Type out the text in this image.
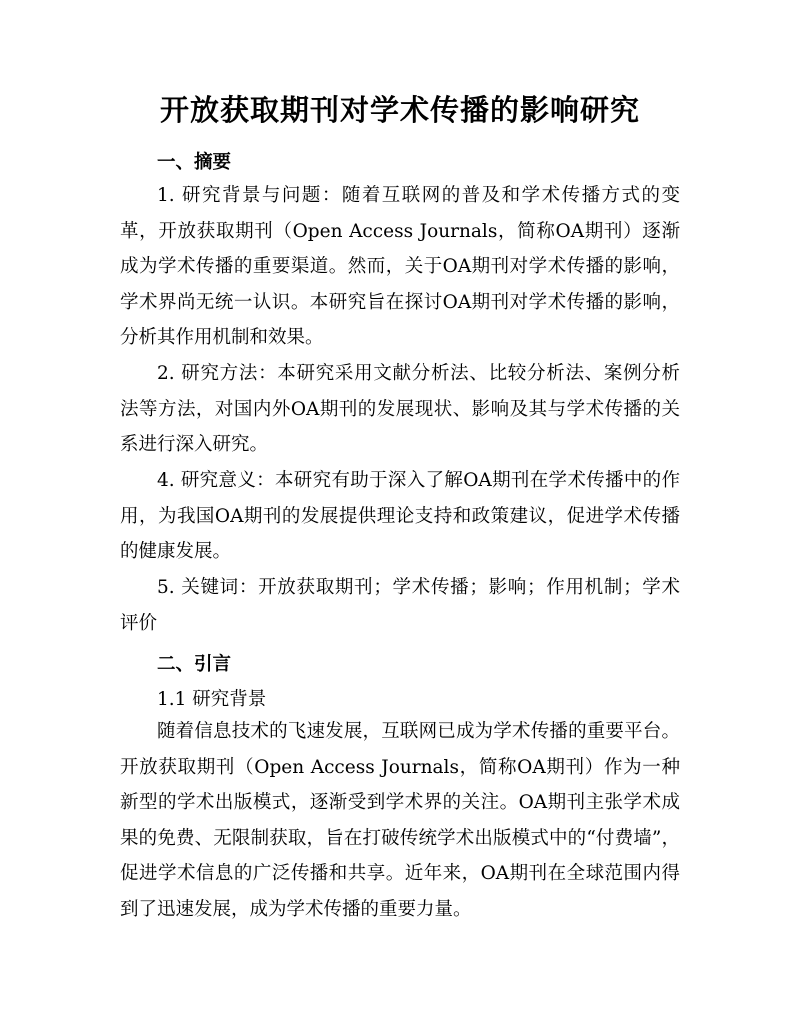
开放获取期刊对学术传播的影响研究
一、摘要

1. 研究背景与问题：随着互联网的普及和学术传播方式的变革，开放获取期刊（Open Access Journals，简称OA期刊）逐渐成为学术传播的重要渠道。然而，关于OA期刊对学术传播的影响，学术界尚无统一认识。本研究旨在探讨OA期刊对学术传播的影响，分析其作用机制和效果。

2. 研究方法：本研究采用文献分析法、比较分析法、案例分析法等方法，对国内外OA期刊的发展现状、影响及其与学术传播的关系进行深入研究。

4. 研究意义：本研究有助于深入了解OA期刊在学术传播中的作用，为我国OA期刊的发展提供理论支持和政策建议，促进学术传播的健康发展。

5. 关键词：开放获取期刊；学术传播；影响；作用机制；学术评价

二、引言
1.1 研究背景

随着信息技术的飞速发展，互联网已成为学术传播的重要平台。开放获取期刊（Open Access Journals，简称OA期刊）作为一种新型的学术出版模式，逐渐受到学术界的关注。OA期刊主张学术成果的免费、无限制获取，旨在打破传统学术出版模式中的“付费墙”，促进学术信息的广泛传播和共享。近年来，OA期刊在全球范围内得到了迅速发展，成为学术传播的重要力量。
